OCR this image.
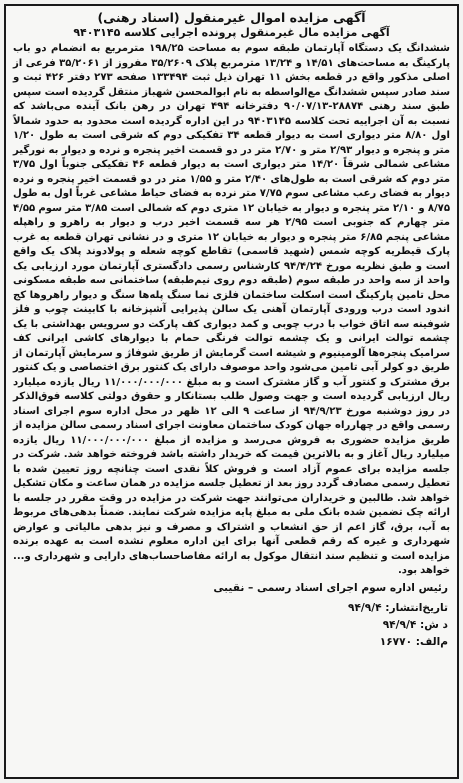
آگهی مزایده اموال غیرمنقول (اسناد رهنی)
آگهی مزایده مال غیرمنقول پرونده اجرایی کلاسه ۹۴۰۳۱۴۵

ششدانگ یک دستگاه آپارتمان طبقه سوم به مساحت ۱۹۸/۲۵ مترمربع به انضمام دو باب پارکینگ به مساحت‌های ۱۴/۵۱ و ۱۳/۲۴ مترمربع پلاک ۳۵/۲۶۰۹ مفروز از ۳۵/۲۰۶۱ فرعی از اصلی مذکور واقع در قطعه بخش ۱۱ تهران ذیل ثبت ۱۳۳۴۹۴ صفحه ۲۷۳ دفتر ۴۲۶ ثبت و سند صادر سپس ششدانگ مع‌الواسطه به نام ابوالمحسن شهباز منتقل گردیده است سپس طبق سند رهنی ۲۸۸۷۴-۹۰/۰۷/۱۳ دفترخانه ۴۹۴ تهران در رهن بانک آینده می‌باشد که نسبت به آن اجراییه تحت کلاسه ۹۴۰۳۱۴۵ در این اداره گردیده است محدود به حدود شمالاً اول ۸/۸۰ متر دیواری است به دیوار قطعه ۳۴ تفکیکی دوم که شرقی است به طول ۱/۲۰ متر و پنجره و دیوار ۲/۹۳ متر و ۲/۷۰ متر در دو قسمت اخیر پنجره و نرده و دیوار به نورگیر مشاعی شمالی شرقاً ۱۴/۲۰ متر دیواری است به دیوار قطعه ۴۶ تفکیکی جنوباً اول ۳/۷۵ متر دوم که شرقی است به طول‌های ۲/۴۰ متر و ۱/۵۵ متر در دو قسمت اخیر پنجره و نرده دیوار به فضای رعب مشاعی سوم ۷/۷۵ متر نرده به فضای حیاط مشاعی غرباً اول به طول ۸/۷۵ و ۲/۱۰ متر پنجره و دیوار به خیابان ۱۲ متری دوم که شمالی است ۳/۸۵ متر سوم ۴/۵۵ متر چهارم که جنوبی است ۲/۹۵ هر سه قسمت اخیر درب و دیوار به راهرو و راهپله مشاعی پنجم ۶/۸۵ متر پنجره و دیوار به خیابان ۱۲ متری و در نشانی تهران قطعه به غرب پارک قیطریه کوچه شمس (شهید قاسمی) تقاطع کوچه شعله و پولادوند پلاک یک واقع است و طبق نظریه مورخ ۹۴/۴/۲۴ کارشناس رسمی دادگستری آپارتمان مورد ارزیابی یک واحد از سه واحد در طبقه سوم (طبقه دوم روی نیم‌طبقه) ساختمانی سه طبقه مسکونی محل تامین پارکینگ است اسکلت ساختمان فلزی نما سنگ پله‌ها سنگ و دیوار راهروها کج اندود است درب ورودی آپارتمان آهنی یک سالن پذیرایی آشپزخانه با کابینت چوب و فلز شوفینه سه اتاق خواب با درب چوبی و کمد دیواری کف پارکت دو سرویس بهداشتی با یک چشمه توالت ایرانی و یک چشمه توالت فرنگی حمام با دیوارهای کاشی ایرانی کف سرامیک پنجره‌ها آلومینیوم و شیشه است گرمایش از طریق شوفاژ و سرمایش آپارتمان از طریق دو کولر آبی تامین می‌شود واحد موصوف دارای یک کنتور برق اختصاصی و یک کنتور برق مشترک و کنتور آب و گاز مشترک است و به مبلغ ۱۱/۰۰۰/۰۰۰/۰۰۰ ریال یازده میلیارد ریال ارزیابی گردیده است و جهت وصول طلب بستانکار و حقوق دولتی کلاسه فوق‌الذکر در روز دوشنبه مورخ ۹۴/۹/۲۳ از ساعت ۹ الی ۱۲ ظهر در محل اداره سوم اجرای اسناد رسمی واقع در چهارراه جهان کودک ساختمان معاونت اجرای اسناد رسمی سالن مزایده از طریق مزایده حضوری به فروش می‌رسد و مزایده از مبلغ ۱۱/۰۰۰/۰۰۰/۰۰۰ ریال یازده میلیارد ریال آغاز و به بالاترین قیمت که خریدار داشته باشد فروخته خواهد شد. شرکت در جلسه مزایده برای عموم آزاد است و فروش کلاً نقدی است چنانچه روز تعیین شده با تعطیل رسمی مصادف گردد روز بعد از تعطیل جلسه مزایده در همان ساعت و مکان تشکیل خواهد شد. طالبین و خریداران می‌توانند جهت شرکت در مزایده در وقت مقرر در جلسه با ارائه چک تضمین شده بانک ملی به مبلغ پایه مزایده شرکت نمایند. ضمناً بدهی‌های مربوط به آب، برق، گاز اعم از حق انشعاب و اشتراک و مصرف و نیز بدهی مالیاتی و عوارض شهرداری و غیره که رقم قطعی آنها برای این اداره معلوم نشده است به عهده برنده مزایده است و تنظیم سند انتقال موکول به ارائه مفاصاحساب‌های دارایی و شهرداری و... خواهد بود.

رئیس اداره سوم اجرای اسناد رسمی – نقیبی
تاریخ‌انتشار: ۹۴/۹/۴
د ش: ۹۴/۹/۴
م‌الف: ۱۶۷۷۰
